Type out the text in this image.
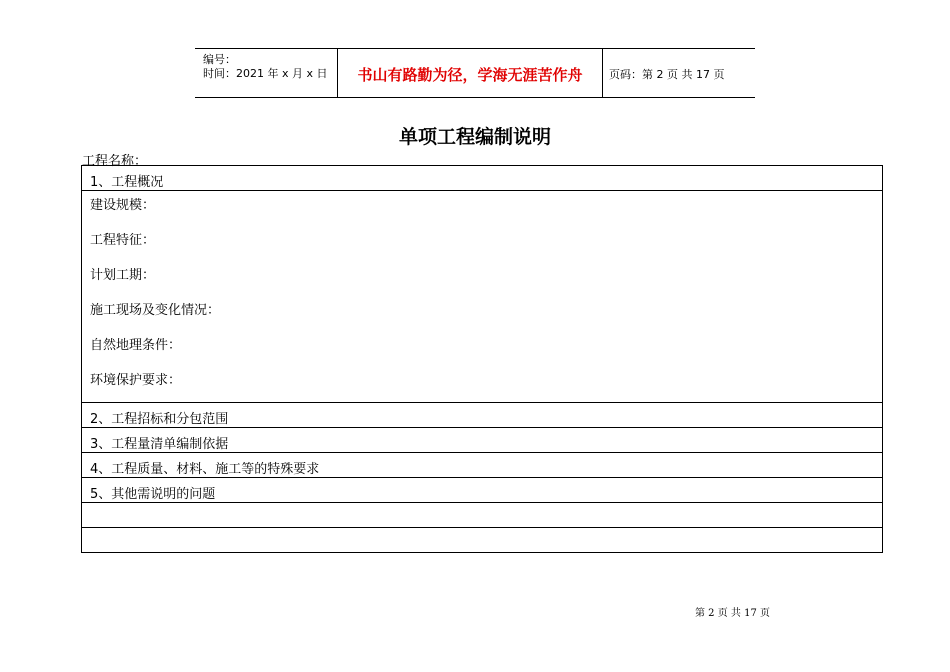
编号：
时间：2021 年 x 月 x 日	书山有路勤为径，学海无涯苦作舟	页码：第 2 页 共 17 页
单项工程编制说明
工程名称：
1、工程概况
建设规模：
工程特征：
计划工期：
施工现场及变化情况：
自然地理条件：
环境保护要求：
2、工程招标和分包范围
3、工程量清单编制依据
4、工程质量、材料、施工等的特殊要求
5、其他需说明的问题
第 2 页 共 17 页
